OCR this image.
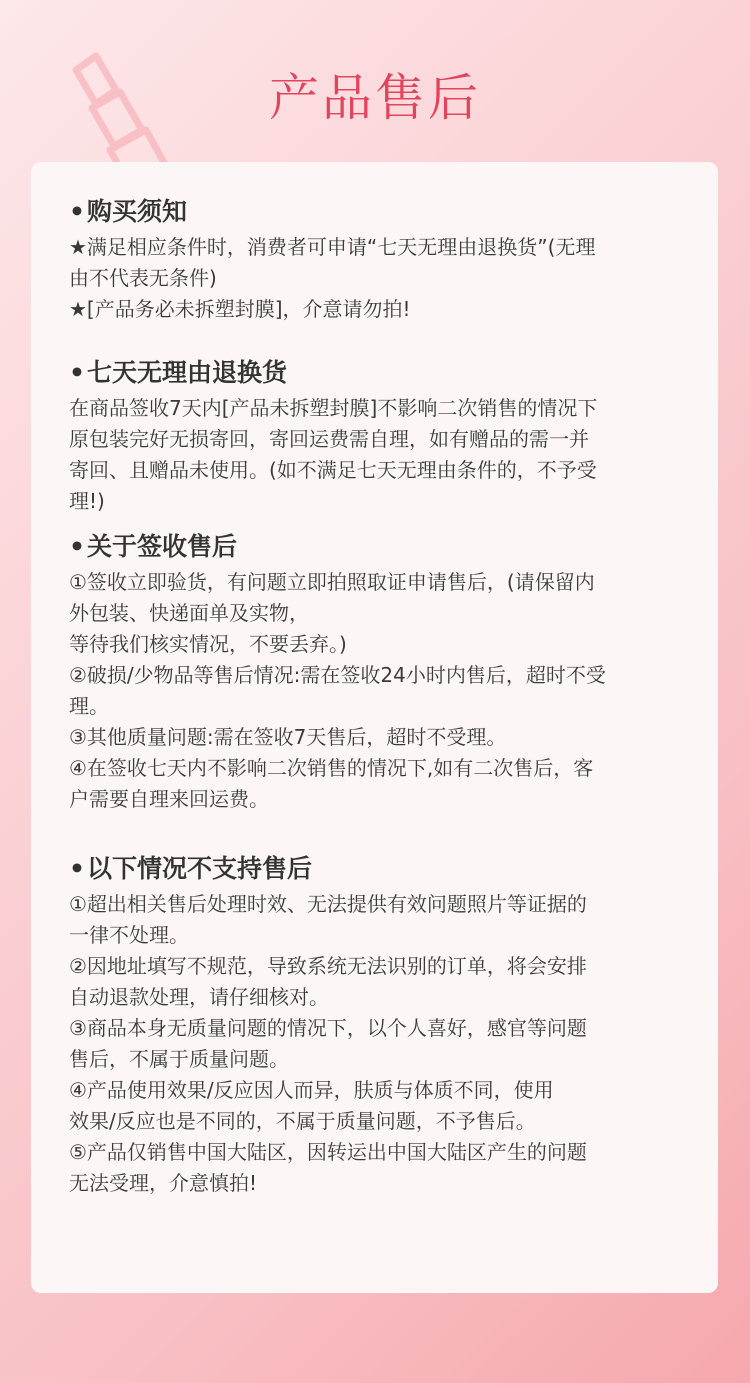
产品售后

•购买须知

★满足相应条件时，消费者可申请“七天无理由退换货”(无理
由不代表无条件)

★[产品务必未拆塑封膜]，介意请勿拍!

•七天无理由退换货

在商品签收7天内[产品未拆塑封膜]不影响二次销售的情况下
原包装完好无损寄回，寄回运费需自理，如有赠品的需一并
寄回、且赠品未使用。(如不满足七天无理由条件的，不予受
理!)

•关于签收售后

①签收立即验货，有问题立即拍照取证申请售后，(请保留内
外包装、快递面单及实物，

等待我们核实情况，不要丢弃。)

②破损/少物品等售后情况:需在签收24小时内售后，超时不受
理。

③其他质量问题:需在签收7天售后，超时不受理。

④在签收七天内不影响二次销售的情况下,如有二次售后，客
户需要自理来回运费。

•以下情况不支持售后

①超出相关售后处理时效、无法提供有效问题照片等证据的
一律不处理。

②因地址填写不规范，导致系统无法识别的订单，将会安排
自动退款处理，请仔细核对。

③商品本身无质量问题的情况下，以个人喜好，感官等问题
售后，不属于质量问题。

④产品使用效果/反应因人而异，肤质与体质不同，使用
效果/反应也是不同的，不属于质量问题，不予售后。

⑤产品仅销售中国大陆区，因转运出中国大陆区产生的问题
无法受理，介意慎拍!
